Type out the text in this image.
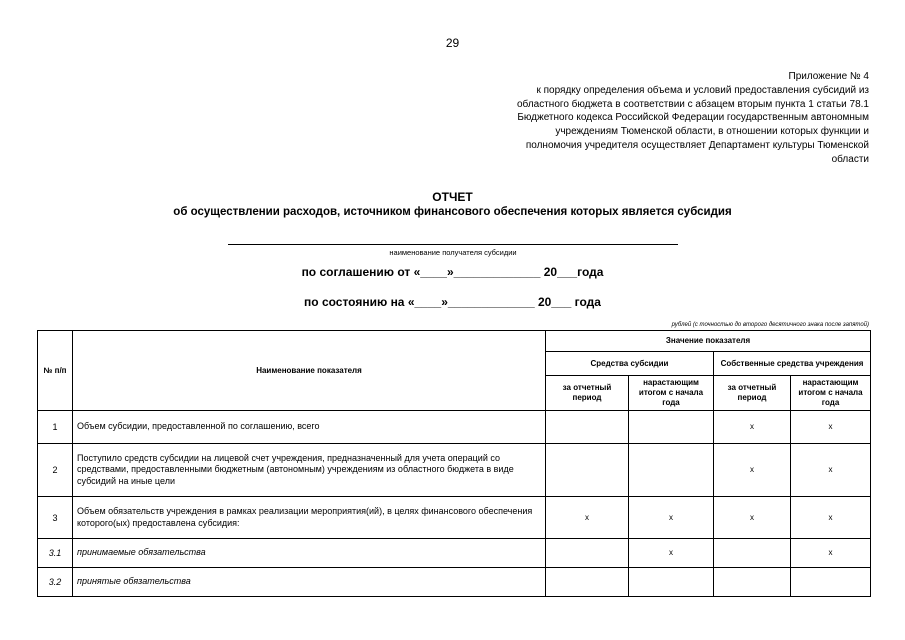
29
Приложение № 4
к порядку определения объема и условий предоставления субсидий из
областного бюджета в соответствии с абзацем вторым пункта 1 статьи 78.1
Бюджетного кодекса Российской Федерации государственным автономным
учреждениям Тюменской области, в отношении которых функции и
полномочия учредителя осуществляет Департамент культуры Тюменской
области
ОТЧЕТ
об осуществлении расходов, источником финансового обеспечения которых является субсидия
наименование получателя субсидии
по соглашению от «____»_____________ 20___года
по состоянию на «____»_____________ 20___ года
рублей (с точностью до второго десятичного знака после запятой)
№ п/п	Наименование показателя	Значение показателя			
		Средства субсидии		Собственные средства учреждения	
		за отчетный период	нарастающим итогом с начала года	за отчетный период	нарастающим итогом с начала года
1	Объем субсидии, предоставленной по соглашению, всего			x	x
2	Поступило средств субсидии на лицевой счет учреждения, предназначенный для учета операций со средствами, предоставленными бюджетным (автономным) учреждениям из областного бюджета в виде субсидий на иные цели			x	x
3	Объем обязательств учреждения в рамках реализации мероприятия(ий), в целях финансового обеспечения которого(ых) предоставлена субсидия:	x	x	x	x
3.1	принимаемые обязательства		x		x
3.2	принятые обязательства				
